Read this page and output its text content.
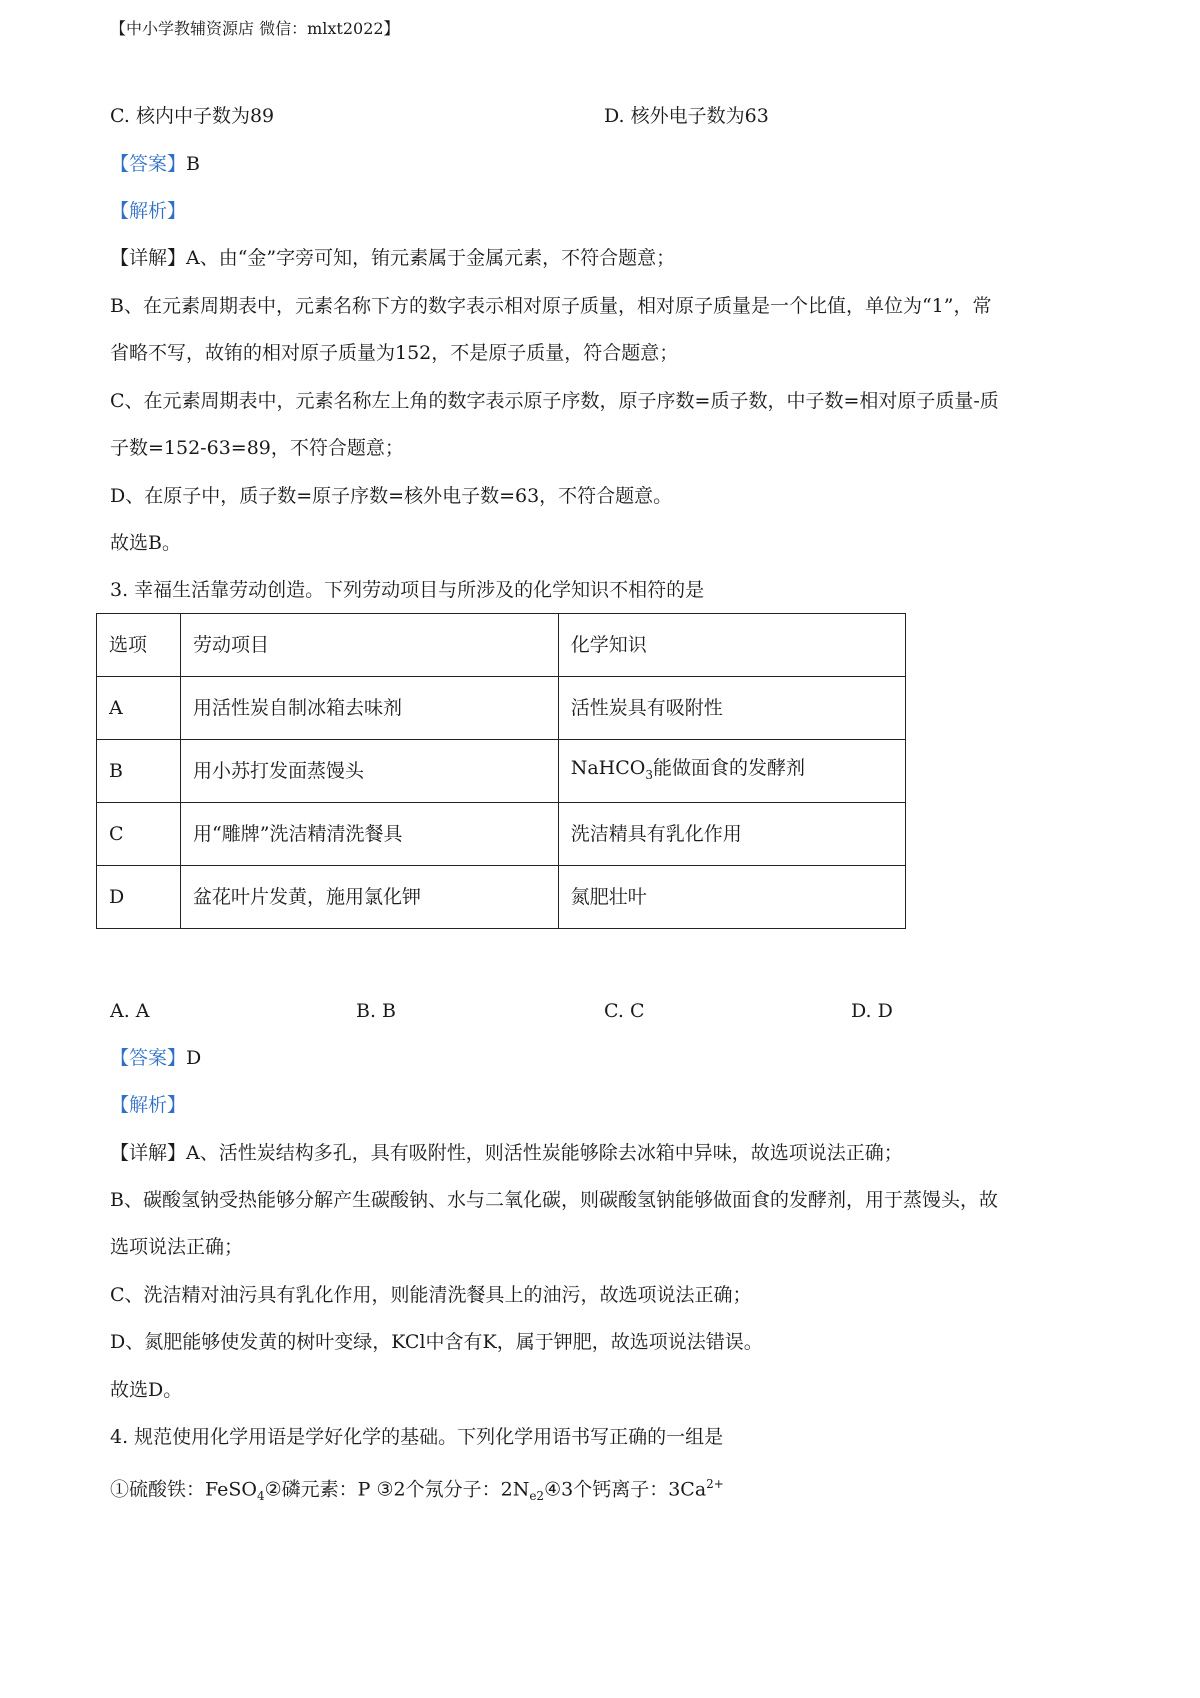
【中小学教辅资源店 微信：mlxt2022】
C. 核内中子数为89	D. 核外电子数为63
【答案】B
【解析】
【详解】A、由“金”字旁可知，铕元素属于金属元素，不符合题意；
B、在元素周期表中，元素名称下方的数字表示相对原子质量，相对原子质量是一个比值，单位为“1”，常
省略不写，故铕的相对原子质量为152，不是原子质量，符合题意；
C、在元素周期表中，元素名称左上角的数字表示原子序数，原子序数=质子数，中子数=相对原子质量-质
子数=152-63=89，不符合题意；
D、在原子中，质子数=原子序数=核外电子数=63，不符合题意。
故选B。
3. 幸福生活靠劳动创造。下列劳动项目与所涉及的化学知识不相符的是
选项	劳动项目	化学知识
A	用活性炭自制冰箱去味剂	活性炭具有吸附性
B	用小苏打发面蒸馒头	NaHCO$_3$能做面食的发酵剂
C	用“雕牌”洗洁精清洗餐具	洗洁精具有乳化作用
D	盆花叶片发黄，施用氯化钾	氮肥壮叶
A. A	B. B	C. C	D. D
【答案】D
【解析】
【详解】A、活性炭结构多孔，具有吸附性，则活性炭能够除去冰箱中异味，故选项说法正确；
B、碳酸氢钠受热能够分解产生碳酸钠、水与二氧化碳，则碳酸氢钠能够做面食的发酵剂，用于蒸馒头，故
选项说法正确；
C、洗洁精对油污具有乳化作用，则能清洗餐具上的油污，故选项说法正确；
D、氮肥能够使发黄的树叶变绿，KCl中含有K，属于钾肥，故选项说法错误。
故选D。
4. 规范使用化学用语是学好化学的基础。下列化学用语书写正确的一组是
①硫酸铁：FeSO$_4$②磷元素：P ③2个氖分子：$2N_{e2}④3$个钙离子：$3Ca^{2+}$
